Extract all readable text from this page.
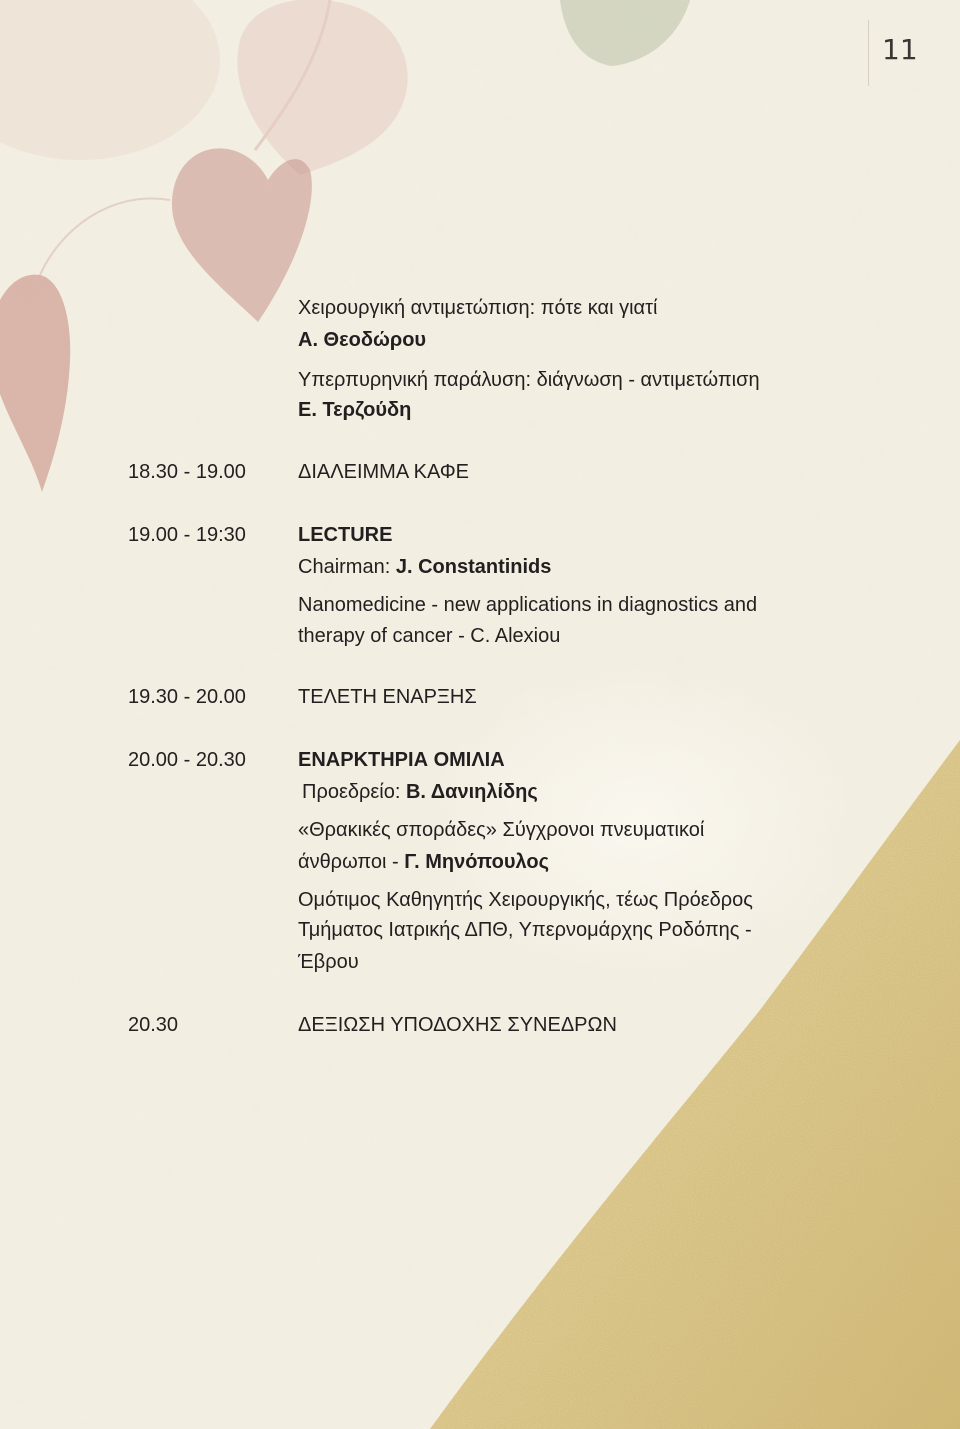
11
Χειρουργική αντιμετώπιση: πότε και γιατί
Α. Θεοδώρου
Υπερπυρηνική παράλυση: διάγνωση - αντιμετώπιση
Ε. Τερζούδη
18.30 - 19.00	ΔΙΑΛΕΙΜΜΑ ΚΑΦΕ
19.00 - 19:30	LECTURE
Chairman: J. Constantinids
Nanomedicine - new applications in diagnostics and
therapy of cancer - C. Alexiou
19.30 - 20.00	ΤΕΛΕΤΗ ΕΝΑΡΞΗΣ
20.00 - 20.30	ΕΝΑΡΚΤΗΡΙΑ ΟΜΙΛΙΑ
Προεδρείο: Β. Δανιηλίδης
«Θρακικές σποράδες» Σύγχρονοι πνευματικοί
άνθρωποι - Γ. Μηνόπουλος
Ομότιμος Καθηγητής Χειρουργικής, τέως Πρόεδρος
Τμήματος Ιατρικής ΔΠΘ, Υπερνομάρχης Ροδόπης -
Έβρου
20.30	ΔΕΞΙΩΣΗ ΥΠΟΔΟΧΗΣ ΣΥΝΕΔΡΩΝ
